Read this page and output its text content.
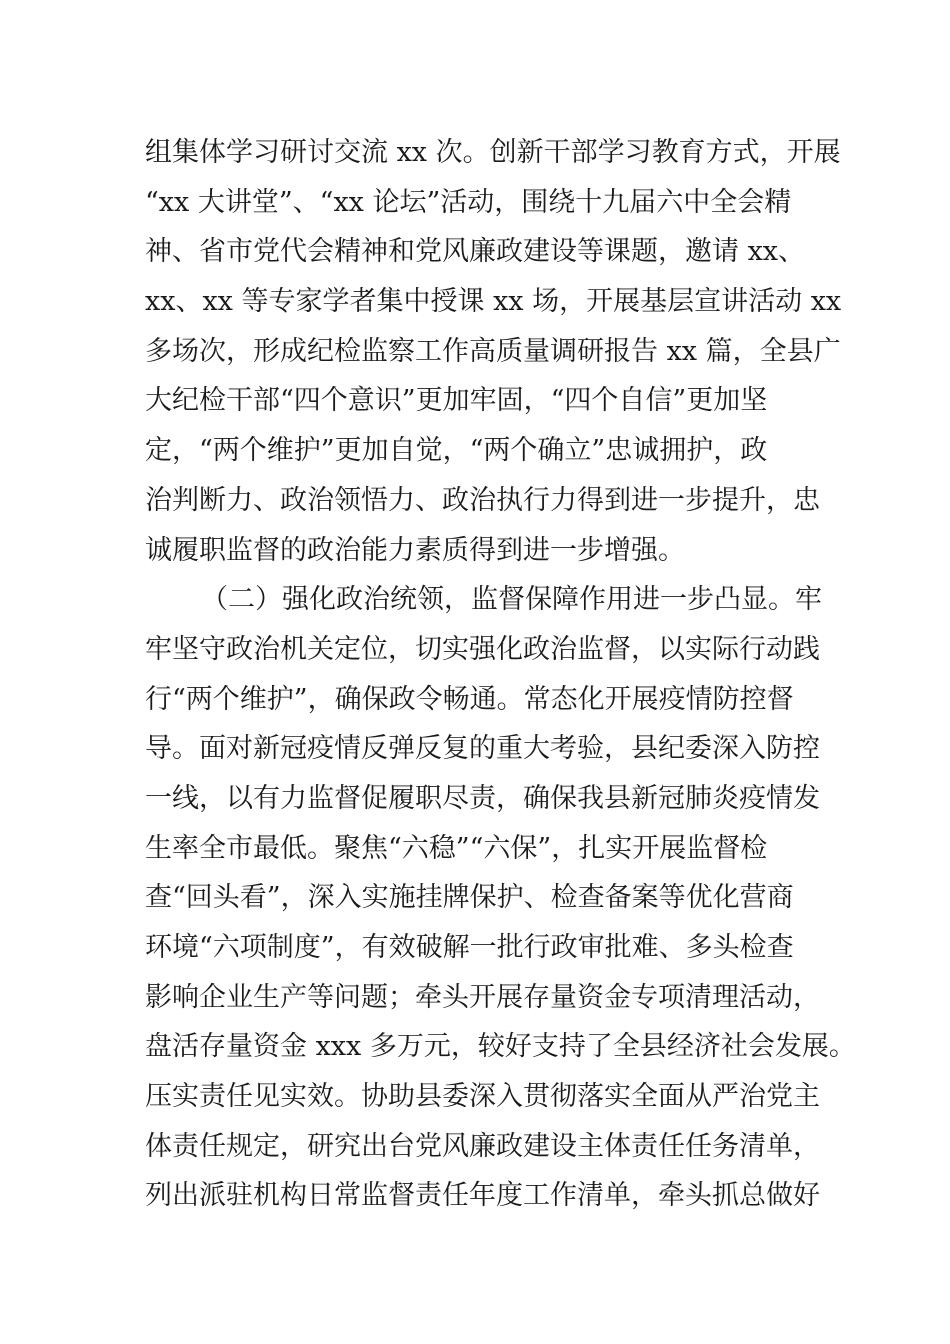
组集体学习研讨交流 xx 次。创新干部学习教育方式，开展
“xx 大讲堂”、“xx 论坛”活动，围绕十九届六中全会精
神、省市党代会精神和党风廉政建设等课题，邀请 xx、
xx、xx 等专家学者集中授课 xx 场，开展基层宣讲活动 xx
多场次，形成纪检监察工作高质量调研报告 xx 篇，全县广
大纪检干部“四个意识”更加牢固，“四个自信”更加坚
定，“两个维护”更加自觉，“两个确立”忠诚拥护，政
治判断力、政治领悟力、政治执行力得到进一步提升，忠
诚履职监督的政治能力素质得到进一步增强。
（二）强化政治统领，监督保障作用进一步凸显。牢
牢坚守政治机关定位，切实强化政治监督，以实际行动践
行“两个维护”，确保政令畅通。常态化开展疫情防控督
导。面对新冠疫情反弹反复的重大考验，县纪委深入防控
一线，以有力监督促履职尽责，确保我县新冠肺炎疫情发
生率全市最低。聚焦“六稳”“六保”，扎实开展监督检
查“回头看”，深入实施挂牌保护、检查备案等优化营商
环境“六项制度”，有效破解一批行政审批难、多头检查
影响企业生产等问题；牵头开展存量资金专项清理活动，
盘活存量资金 xxx 多万元，较好支持了全县经济社会发展。
压实责任见实效。协助县委深入贯彻落实全面从严治党主
体责任规定，研究出台党风廉政建设主体责任任务清单，
列出派驻机构日常监督责任年度工作清单，牵头抓总做好
